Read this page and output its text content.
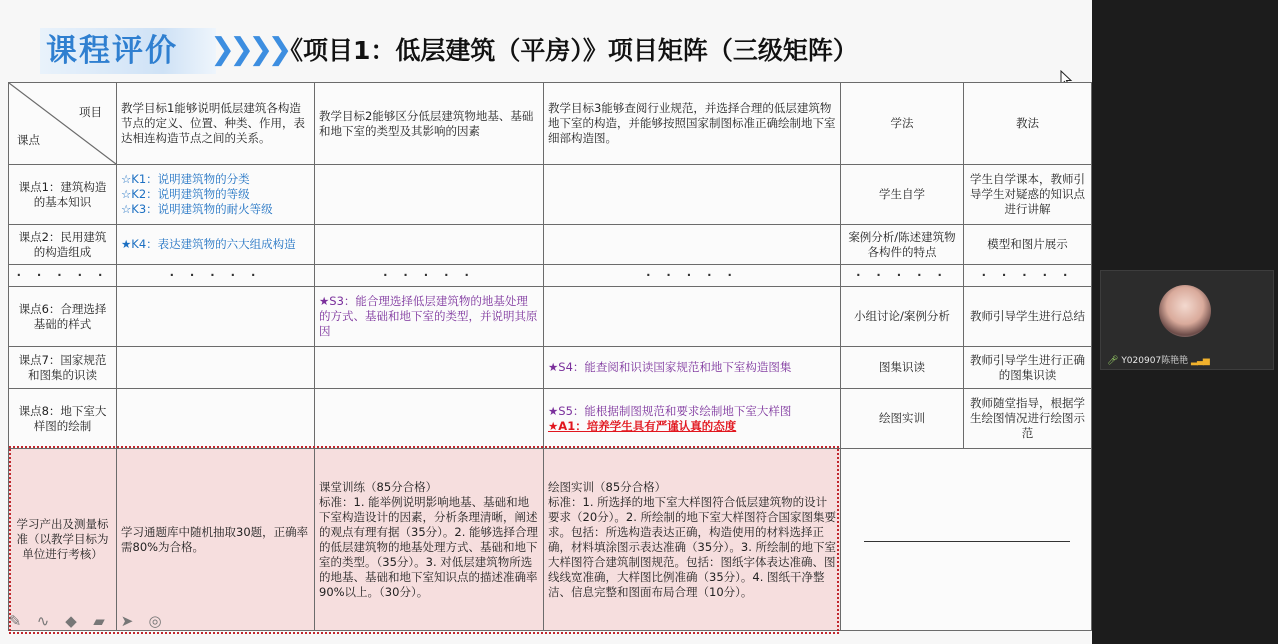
课程评价	❯❯❯❯
《项目1：低层建筑（平房）》项目矩阵（三级矩阵）
项目
课点	教学目标1能够说明低层建筑各构造节点的定义、位置、种类、作用，表达相连构造节点之间的关系。	教学目标2能够区分低层建筑物地基、基础和地下室的类型及其影响的因素	教学目标3能够查阅行业规范，并选择合理的低层建筑物地下室的构造，并能够按照国家制图标准正确绘制地下室细部构造图。	学法	教法
课点1：建筑构造的基本知识	☆K1：说明建筑物的分类
☆K2：说明建筑物的等级
☆K3：说明建筑物的耐火等级			学生自学	学生自学课本，教师引导学生对疑惑的知识点进行讲解
课点2：民用建筑的构造组成	★K4：表达建筑物的六大组成构造			案例分析/陈述建筑物各构件的特点	模型和图片展示
· · · · ·	· · · · ·	· · · · ·	· · · · ·	· · · · ·	· · · · ·
课点6：合理选择基础的样式		★S3：能合理选择低层建筑物的地基处理的方式、基础和地下室的类型，并说明其原因		小组讨论/案例分析	教师引导学生进行总结
课点7：国家规范和图集的识读			★S4：能查阅和识读国家规范和地下室构造图集	图集识读	教师引导学生进行正确的图集识读
课点8：地下室大样图的绘制			★S5：能根据制图规范和要求绘制地下室大样图
★A1：培养学生具有严谨认真的态度	绘图实训	教师随堂指导，根据学生绘图情况进行绘图示范
学习产出及测量标准（以教学目标为单位进行考核）	学习通题库中随机抽取30题，正确率需80%为合格。	课堂训练（85分合格）
标准：1. 能举例说明影响地基、基础和地下室构造设计的因素，分析条理清晰，阐述的观点有理有据（35分）。2. 能够选择合理的低层建筑物的地基处理方式、基础和地下室的类型。（35分）。3. 对低层建筑物所选的地基、基础和地下室知识点的描述准确率90%以上。（30分）。	绘图实训（85分合格）
标准：1. 所选择的地下室大样图符合低层建筑物的设计要求（20分）。2. 所绘制的地下室大样图符合国家图集要求。包括：所选构造表达正确，构造使用的材料选择正确，材料填涂图示表达准确（35分）。3. 所绘制的地下室大样图符合建筑制图规范。包括：图纸字体表达准确、图线线宽准确，大样图比例准确（35分）。4. 图纸干净整洁、信息完整和图面布局合理（10分）。		
✎	∿	◆	▰	➤	◎
🎤︎ Y020907陈艳艳 ▂▃▅
